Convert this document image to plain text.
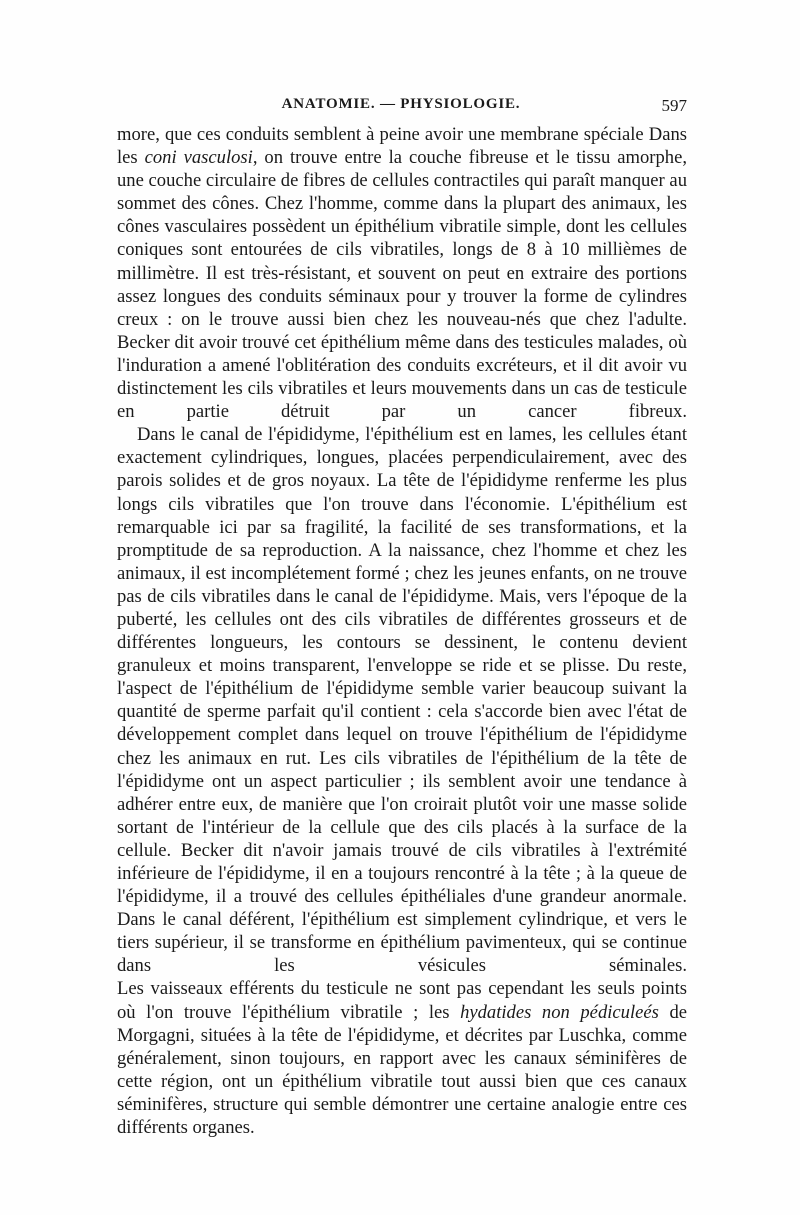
ANATOMIE. — PHYSIOLOGIE.	597

more, que ces conduits semblent à peine avoir une membrane spéciale Dans les coni vasculosi, on trouve entre la couche fibreuse et le tissu amorphe, une couche circulaire de fibres de cellules contractiles qui paraît manquer au sommet des cônes. Chez l'homme, comme dans la plupart des animaux, les cônes vasculaires possèdent un épithélium vibratile simple, dont les cellules coniques sont entourées de cils vibratiles, longs de 8 à 10 millièmes de millimètre. Il est très-résistant, et souvent on peut en extraire des portions assez longues des conduits séminaux pour y trouver la forme de cylindres creux : on le trouve aussi bien chez les nouveau-nés que chez l'adulte. Becker dit avoir trouvé cet épithélium même dans des testicules malades, où l'induration a amené l'oblitération des conduits excréteurs, et il dit avoir vu distinctement les cils vibratiles et leurs mouvements dans un cas de testicule en partie détruit par un cancer fibreux.

Dans le canal de l'épididyme, l'épithélium est en lames, les cellules étant exactement cylindriques, longues, placées perpendiculairement, avec des parois solides et de gros noyaux. La tête de l'épididyme renferme les plus longs cils vibratiles que l'on trouve dans l'économie. L'épithélium est remarquable ici par sa fragilité, la facilité de ses transformations, et la promptitude de sa reproduction. A la naissance, chez l'homme et chez les animaux, il est incomplétement formé ; chez les jeunes enfants, on ne trouve pas de cils vibratiles dans le canal de l'épididyme. Mais, vers l'époque de la puberté, les cellules ont des cils vibratiles de différentes grosseurs et de différentes longueurs, les contours se dessinent, le contenu devient granuleux et moins transparent, l'enveloppe se ride et se plisse. Du reste, l'aspect de l'épithélium de l'épididyme semble varier beaucoup suivant la quantité de sperme parfait qu'il contient : cela s'accorde bien avec l'état de développement complet dans lequel on trouve l'épithélium de l'épididyme chez les animaux en rut. Les cils vibratiles de l'épithélium de la tête de l'épididyme ont un aspect particulier ; ils semblent avoir une tendance à adhérer entre eux, de manière que l'on croirait plutôt voir une masse solide sortant de l'intérieur de la cellule que des cils placés à la surface de la cellule. Becker dit n'avoir jamais trouvé de cils vibratiles à l'extrémité inférieure de l'épididyme, il en a toujours rencontré à la tête ; à la queue de l'épididyme, il a trouvé des cellules épithéliales d'une grandeur anormale. Dans le canal déférent, l'épithélium est simplement cylindrique, et vers le tiers supérieur, il se transforme en épithélium pavimenteux, qui se continue dans les vésicules séminales.

Les vaisseaux efférents du testicule ne sont pas cependant les seuls points où l'on trouve l'épithélium vibratile ; les hydatides non pédiculeés de Morgagni, situées à la tête de l'épididyme, et décrites par Luschka, comme généralement, sinon toujours, en rapport avec les canaux séminifères de cette région, ont un épithélium vibratile tout aussi bien que ces canaux séminifères, structure qui semble démontrer une certaine analogie entre ces différents organes.
